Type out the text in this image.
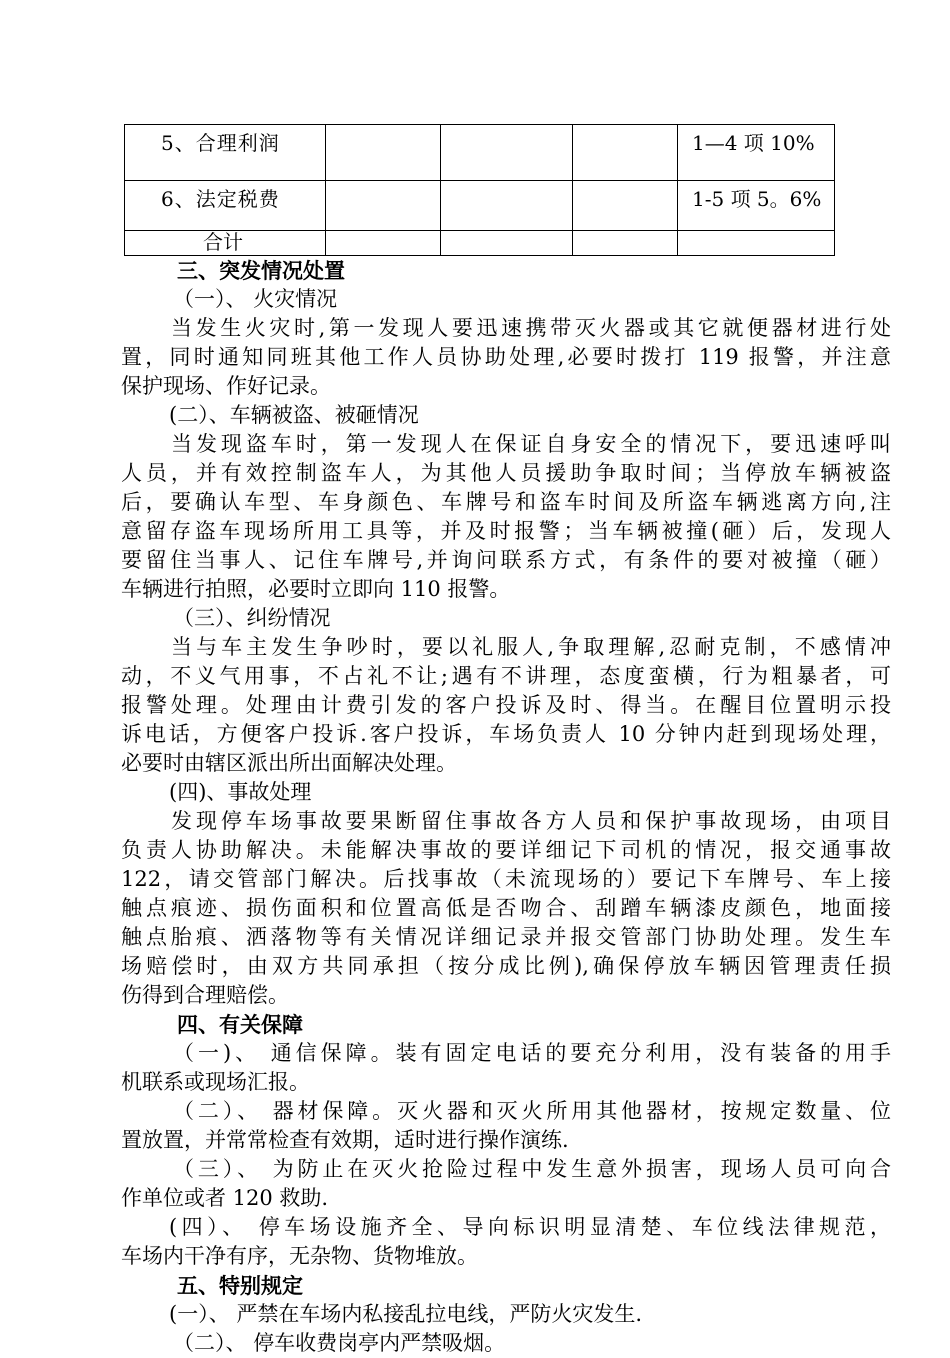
5、合理利润				1—4 项 10%

6、法定税费				1-5 项 5。6%

合计				

三、突发情况处置
（一）、 火灾情况
当发生火灾时,第一发现人要迅速携带灭火器或其它就便器材进行处
置，同时通知同班其他工作人员协助处理,必要时拨打 119 报警，并注意
保护现场、作好记录。
(二）、车辆被盗、被砸情况
当发现盗车时，第一发现人在保证自身安全的情况下，要迅速呼叫
人员，并有效控制盗车人，为其他人员援助争取时间；当停放车辆被盗
后，要确认车型、车身颜色、车牌号和盗车时间及所盗车辆逃离方向,注
意留存盗车现场所用工具等，并及时报警；当车辆被撞(砸）后，发现人
要留住当事人、记住车牌号,并询问联系方式，有条件的要对被撞（砸）
车辆进行拍照，必要时立即向 110 报警。
（三）、纠纷情况
当与车主发生争吵时，要以礼服人,争取理解,忍耐克制，不感情冲
动，不义气用事，不占礼不让;遇有不讲理，态度蛮横，行为粗暴者，可
报警处理。处理由计费引发的客户投诉及时、得当。在醒目位置明示投
诉电话，方便客户投诉.客户投诉，车场负责人 10 分钟内赶到现场处理，
必要时由辖区派出所出面解决处理。
(四)、事故处理
发现停车场事故要果断留住事故各方人员和保护事故现场，由项目
负责人协助解决。未能解决事故的要详细记下司机的情况，报交通事故
122，请交管部门解决。后找事故（未流现场的）要记下车牌号、车上接
触点痕迹、损伤面积和位置高低是否吻合、刮蹭车辆漆皮颜色，地面接
触点胎痕、洒落物等有关情况详细记录并报交管部门协助处理。发生车
场赔偿时，由双方共同承担（按分成比例),确保停放车辆因管理责任损
伤得到合理赔偿。
四、有关保障
（一)、 通信保障。装有固定电话的要充分利用，没有装备的用手
机联系或现场汇报。
（二）、 器材保障。灭火器和灭火所用其他器材，按规定数量、位
置放置，并常常检查有效期，适时进行操作演练.
（三）、 为防止在灭火抢险过程中发生意外损害，现场人员可向合
作单位或者 120 救助.
(四）、 停车场设施齐全、导向标识明显清楚、车位线法律规范，
车场内干净有序，无杂物、货物堆放。
五、特别规定
(一）、 严禁在车场内私接乱拉电线，严防火灾发生.
（二）、 停车收费岗亭内严禁吸烟。
